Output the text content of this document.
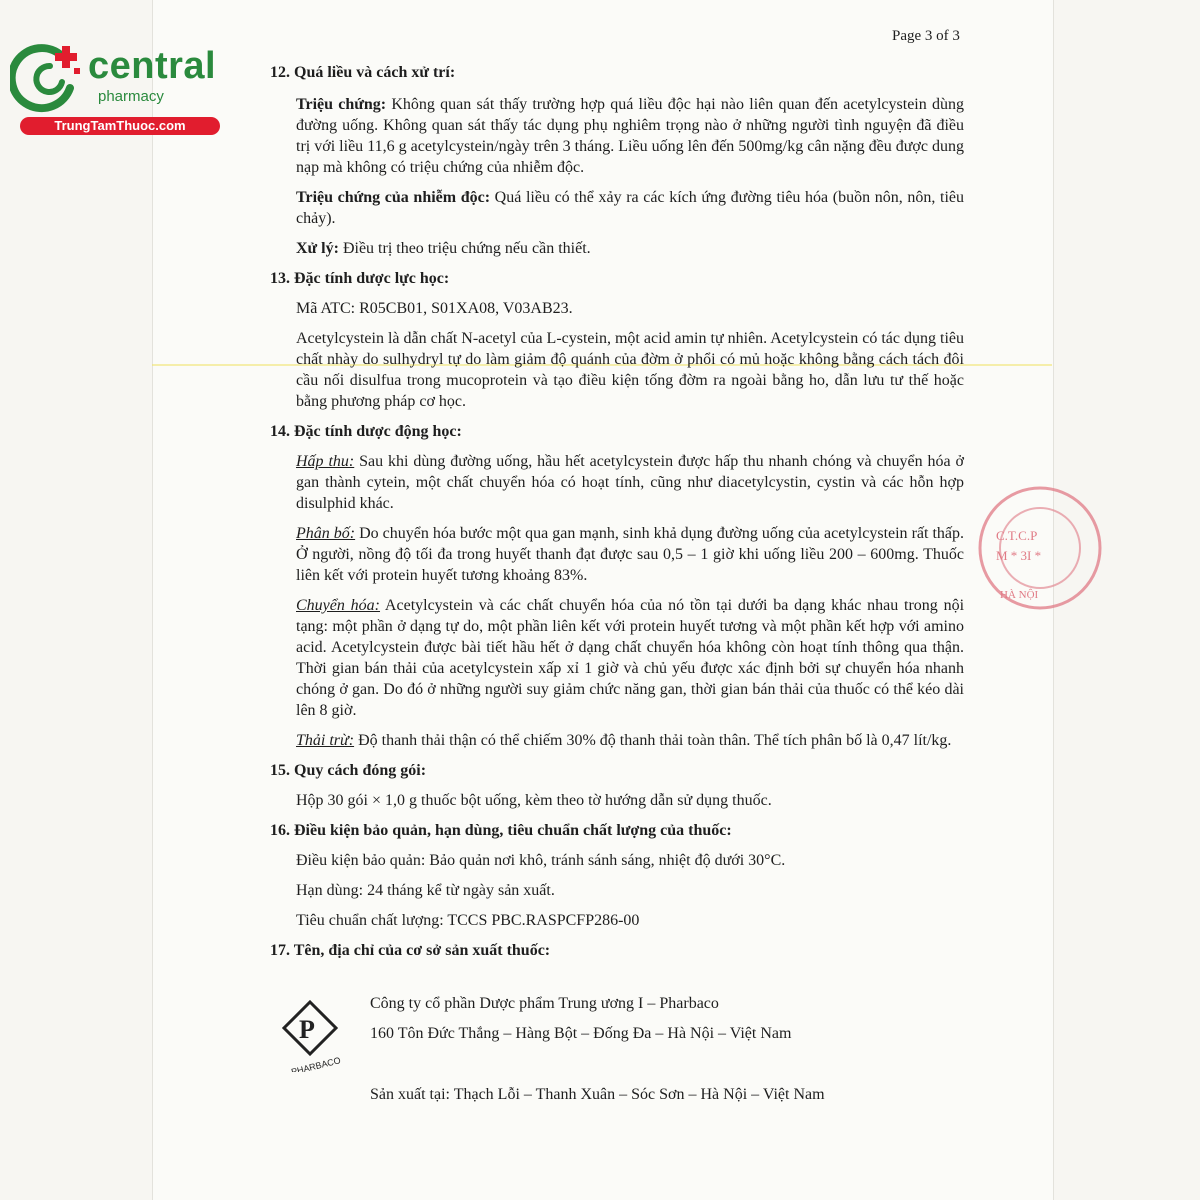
central
pharmacy
TrungTamThuoc.com
Page 3 of 3

12. Quá liều và cách xử trí:

Triệu chứng: Không quan sát thấy trường hợp quá liều độc hại nào liên quan đến acetylcystein dùng đường uống. Không quan sát thấy tác dụng phụ nghiêm trọng nào ở những người tình nguyện đã điều trị với liều 11,6 g acetylcystein/ngày trên 3 tháng. Liều uống lên đến 500mg/kg cân nặng đều được dung nạp mà không có triệu chứng của nhiễm độc.

Triệu chứng của nhiễm độc: Quá liều có thể xảy ra các kích ứng đường tiêu hóa (buồn nôn, nôn, tiêu chảy).

Xử lý: Điều trị theo triệu chứng nếu cần thiết.

13. Đặc tính dược lực học:

Mã ATC: R05CB01, S01XA08, V03AB23.

Acetylcystein là dẫn chất N-acetyl của L-cystein, một acid amin tự nhiên. Acetylcystein có tác dụng tiêu chất nhày do sulhydryl tự do làm giảm độ quánh của đờm ở phổi có mủ hoặc không bằng cách tách đôi cầu nối disulfua trong mucoprotein và tạo điều kiện tống đờm ra ngoài bằng ho, dẫn lưu tư thế hoặc bằng phương pháp cơ học.

14. Đặc tính dược động học:

Hấp thu: Sau khi dùng đường uống, hầu hết acetylcystein được hấp thu nhanh chóng và chuyển hóa ở gan thành cytein, một chất chuyển hóa có hoạt tính, cũng như diacetylcystin, cystin và các hỗn hợp disulphid khác.

Phân bố: Do chuyển hóa bước một qua gan mạnh, sinh khả dụng đường uống của acetylcystein rất thấp. Ở người, nồng độ tối đa trong huyết thanh đạt được sau 0,5 – 1 giờ khi uống liều 200 – 600mg. Thuốc liên kết với protein huyết tương khoảng 83%.

Chuyển hóa: Acetylcystein và các chất chuyển hóa của nó tồn tại dưới ba dạng khác nhau trong nội tạng: một phần ở dạng tự do, một phần liên kết với protein huyết tương và một phần kết hợp với amino acid. Acetylcystein được bài tiết hầu hết ở dạng chất chuyển hóa không còn hoạt tính thông qua thận. Thời gian bán thải của acetylcystein xấp xỉ 1 giờ và chủ yếu được xác định bởi sự chuyển hóa nhanh chóng ở gan. Do đó ở những người suy giảm chức năng gan, thời gian bán thải của thuốc có thể kéo dài lên 8 giờ.

Thải trừ: Độ thanh thải thận có thể chiếm 30% độ thanh thải toàn thân. Thể tích phân bố là 0,47 lít/kg.

15. Quy cách đóng gói:

Hộp 30 gói × 1,0 g thuốc bột uống, kèm theo tờ hướng dẫn sử dụng thuốc.

16. Điều kiện bảo quản, hạn dùng, tiêu chuẩn chất lượng của thuốc:

Điều kiện bảo quản: Bảo quản nơi khô, tránh sánh sáng, nhiệt độ dưới 30°C.

Hạn dùng: 24 tháng kể từ ngày sản xuất.

Tiêu chuẩn chất lượng: TCCS PBC.RASPCFP286-00

17. Tên, địa chỉ của cơ sở sản xuất thuốc:

Công ty cổ phần Dược phẩm Trung ương I – Pharbaco
160 Tôn Đức Thắng – Hàng Bột – Đống Đa – Hà Nội – Việt Nam
Sản xuất tại: Thạch Lỗi – Thanh Xuân – Sóc Sơn – Hà Nội – Việt Nam
P
PHARBACO
C.T.C.P
M * 3I *
HÀ NỘI
